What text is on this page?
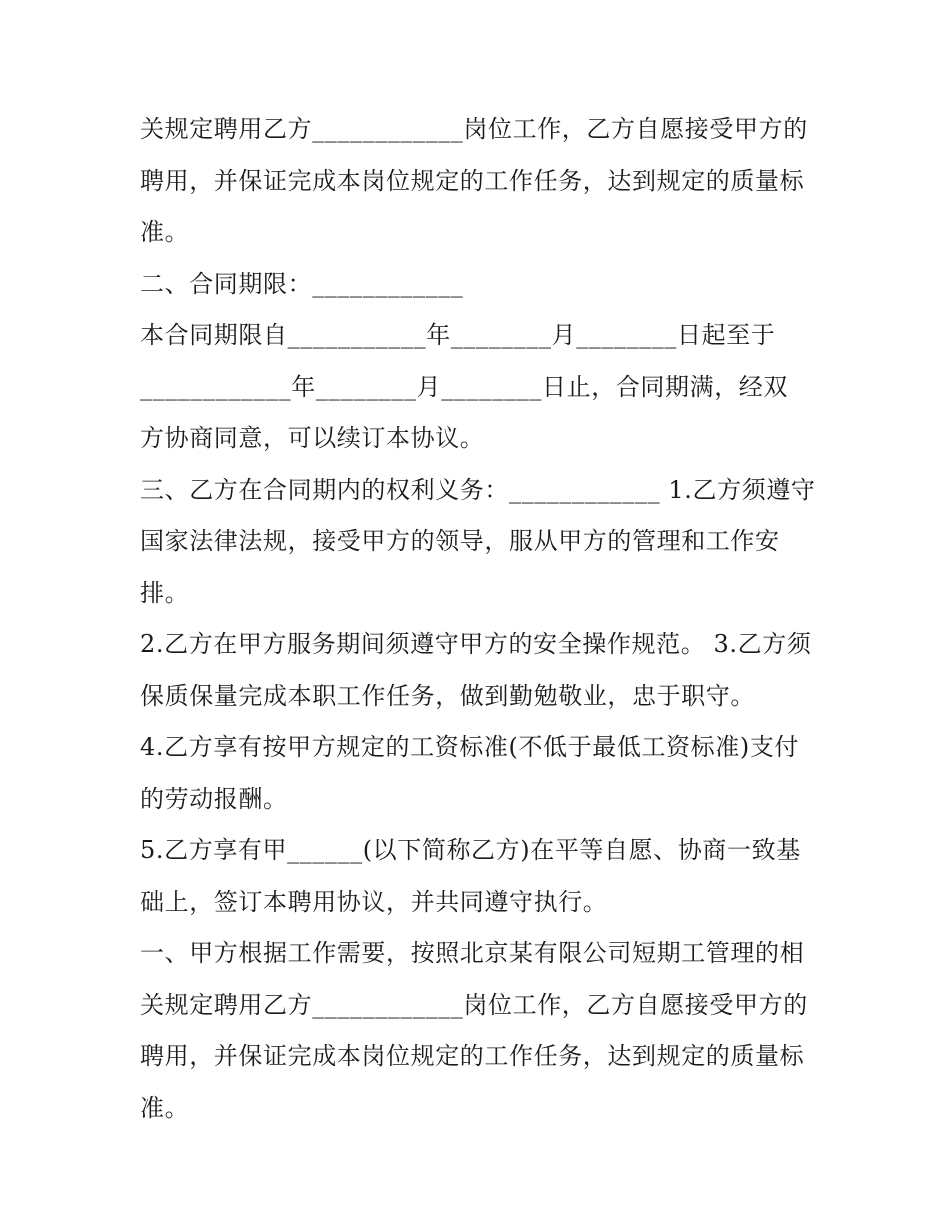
关规定聘用乙方____________岗位工作，乙方自愿接受甲方的
聘用，并保证完成本岗位规定的工作任务，达到规定的质量标
准。
二、合同期限：____________
本合同期限自___________年________月________日起至于
____________年________月________日止，合同期满，经双
方协商同意，可以续订本协议。
三、乙方在合同期内的权利义务：____________ 1.乙方须遵守
国家法律法规，接受甲方的领导，服从甲方的管理和工作安
排。
2.乙方在甲方服务期间须遵守甲方的安全操作规范。 3.乙方须
保质保量完成本职工作任务，做到勤勉敬业，忠于职守。
4.乙方享有按甲方规定的工资标准(不低于最低工资标准)支付
的劳动报酬。
5.乙方享有甲______(以下简称乙方)在平等自愿、协商一致基
础上，签订本聘用协议，并共同遵守执行。
一、甲方根据工作需要，按照北京某有限公司短期工管理的相
关规定聘用乙方____________岗位工作，乙方自愿接受甲方的
聘用，并保证完成本岗位规定的工作任务，达到规定的质量标
准。
